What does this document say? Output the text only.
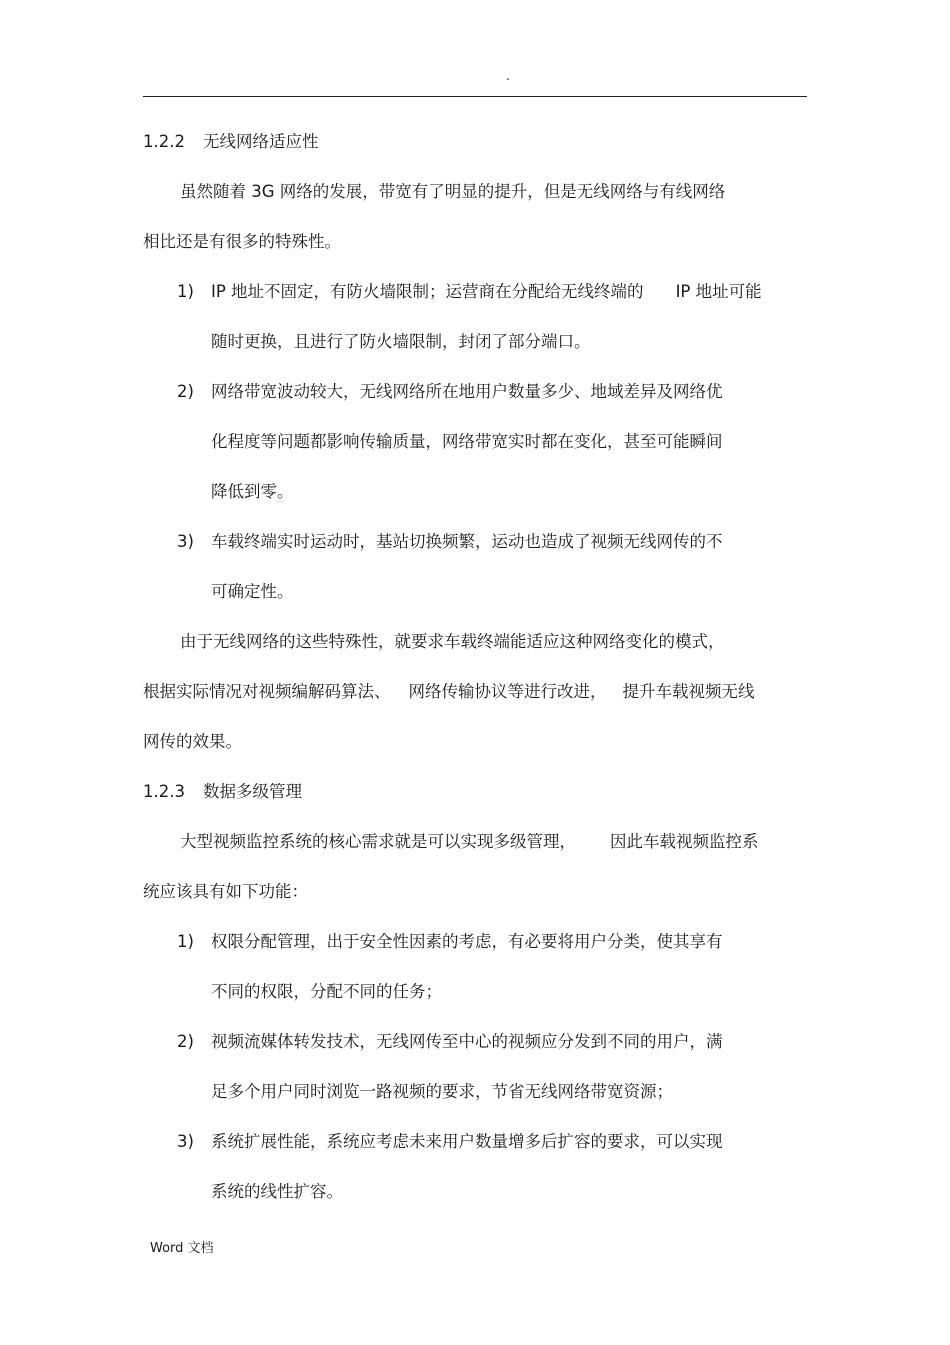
.
1.2.2 无线网络适应性
虽然随着 3G 网络的发展，带宽有了明显的提升，但是无线网络与有线网络
相比还是有很多的特殊性。
1) IP 地址不固定，有防火墙限制；运营商在分配给无线终端的 IP 地址可能
随时更换，且进行了防火墙限制，封闭了部分端口。
2) 网络带宽波动较大，无线网络所在地用户数量多少、地域差异及网络优
化程度等问题都影响传输质量，网络带宽实时都在变化，甚至可能瞬间
降低到零。
3) 车载终端实时运动时，基站切换频繁，运动也造成了视频无线网传的不
可确定性。
由于无线网络的这些特殊性，就要求车载终端能适应这种网络变化的模式，
根据实际情况对视频编解码算法、 网络传输协议等进行改进， 提升车载视频无线
网传的效果。
1.2.3 数据多级管理
大型视频监控系统的核心需求就是可以实现多级管理， 因此车载视频监控系
统应该具有如下功能：
1) 权限分配管理，出于安全性因素的考虑，有必要将用户分类，使其享有
不同的权限，分配不同的任务；
2) 视频流媒体转发技术，无线网传至中心的视频应分发到不同的用户，满
足多个用户同时浏览一路视频的要求，节省无线网络带宽资源；
3) 系统扩展性能，系统应考虑未来用户数量增多后扩容的要求，可以实现
系统的线性扩容。
Word 文档
